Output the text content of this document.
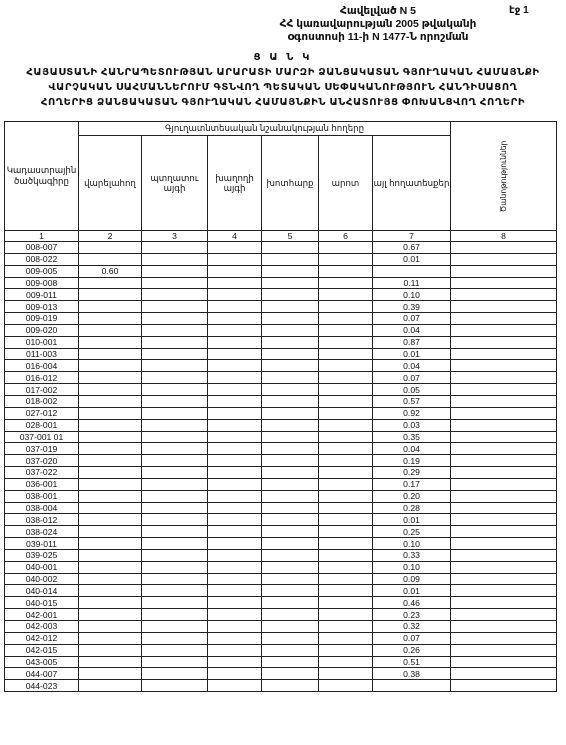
Հավելված N 5
ՀՀ կառավարության 2005 թվականի
օգոստոսի 11-ի N 1477-Ն որոշման
էջ 1
Ց Ա Ն Կ
ՀԱՅԱՍՏԱՆԻ ՀԱՆՐԱՊԵՏՈՒԹՅԱՆ ԱՐԱՐԱՏԻ ՄԱՐԶԻ ՁԱՆՑԱԿԱՏԱՆ ԳՅՈՒՂԱԿԱՆ ՀԱՄԱՅՆՔԻ
ՎԱՐՉԱԿԱՆ ՍԱՀՄԱՆՆԵՐՈՒՄ ԳՏՆՎՈՂ ՊԵՏԱԿԱՆ ՍԵՓԱԿԱՆՈՒԹՅՈՒՆ ՀԱՆԴԻՍԱՑՈՂ
ՀՈՂԵՐԻՑ ՁԱՆՑԱԿԱՏԱՆ ԳՅՈՒՂԱԿԱՆ ՀԱՄԱՅՆՔԻՆ ԱՆՀԱՏՈՒՅՑ ՓՈԽԱՆՑՎՈՂ ՀՈՂԵՐԻ
Կադաստրային ծածկագիրը	Գյուղատնտեսական նշանակության հողերը						Ծանոթություններ
	վարելահող	պտղատու այգի	խաղողի այգի	խոտհարք	արոտ	այլ հողատեսքեր	
1	2	3	4	5	6	7	8
008-007						0.67	
008-022						0.01	
009-005	0.60						
009-008						0.11	
009-011						0.10	
009-013						0.39	
009-019						0.07	
009-020						0.04	
010-001						0.87	
011-003						0.01	
016-004						0.04	
016-012						0.07	
017-002						0.05	
018-002						0.57	
027-012						0.92	
028-001						0.03	
037-001 01						0.35	
037-019						0.04	
037-020						0.19	
037-022						0.29	
036-001						0.17	
038-001						0.20	
038-004						0.28	
038-012						0.01	
038-024						0.25	
039-011						0.10	
039-025						0.33	
040-001						0.10	
040-002						0.09	
040-014						0.01	
040-015						0.46	
042-001						0.23	
042-003						0.32	
042-012						0.07	
042-015						0.26	
043-005						0.51	
044-007						0.38	
044-023							
